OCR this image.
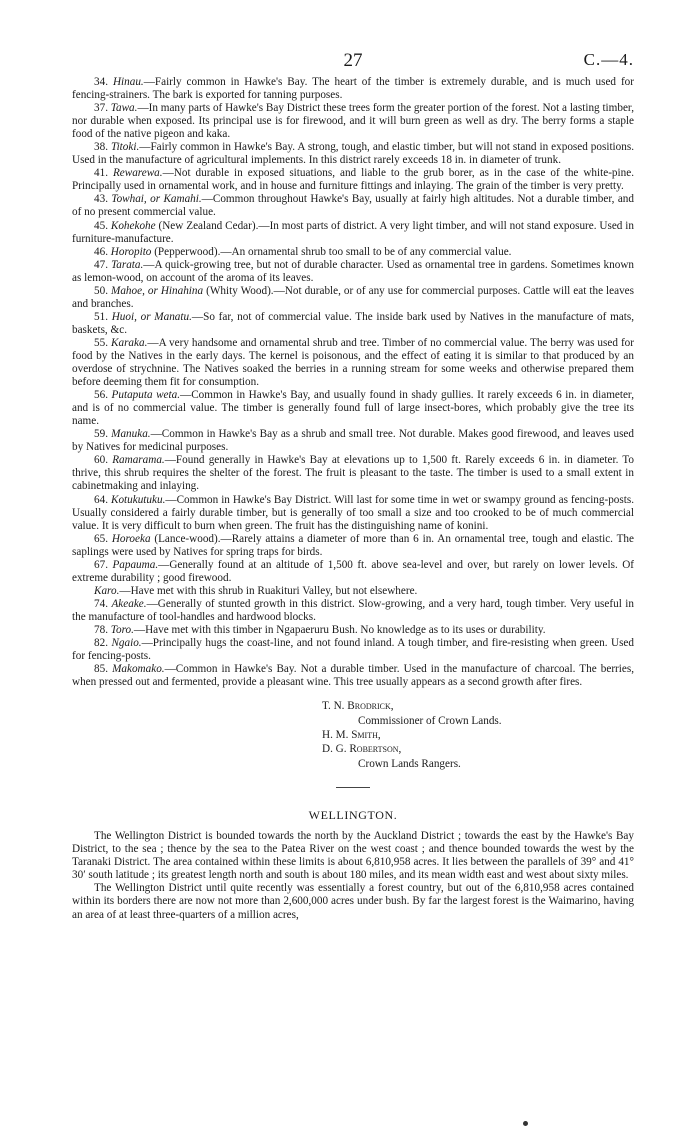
27	C.—4.

34. Hinau.—Fairly common in Hawke's Bay. The heart of the timber is extremely durable, and is much used for fencing-strainers. The bark is exported for tanning purposes.

37. Tawa.—In many parts of Hawke's Bay District these trees form the greater portion of the forest. Not a lasting timber, nor durable when exposed. Its principal use is for firewood, and it will burn green as well as dry. The berry forms a staple food of the native pigeon and kaka.

38. Titoki.—Fairly common in Hawke's Bay. A strong, tough, and elastic timber, but will not stand in exposed positions. Used in the manufacture of agricultural implements. In this district rarely exceeds 18 in. in diameter of trunk.

41. Rewarewa.—Not durable in exposed situations, and liable to the grub borer, as in the case of the white-pine. Principally used in ornamental work, and in house and furniture fittings and inlaying. The grain of the timber is very pretty.

43. Towhai, or Kamahi.—Common throughout Hawke's Bay, usually at fairly high altitudes. Not a durable timber, and of no present commercial value.

45. Kohekohe (New Zealand Cedar).—In most parts of district. A very light timber, and will not stand exposure. Used in furniture-manufacture.

46. Horopito (Pepperwood).—An ornamental shrub too small to be of any commercial value.

47. Tarata.—A quick-growing tree, but not of durable character. Used as ornamental tree in gardens. Sometimes known as lemon-wood, on account of the aroma of its leaves.

50. Mahoe, or Hinahina (Whity Wood).—Not durable, or of any use for commercial purposes. Cattle will eat the leaves and branches.

51. Huoi, or Manatu.—So far, not of commercial value. The inside bark used by Natives in the manufacture of mats, baskets, &c.

55. Karaka.—A very handsome and ornamental shrub and tree. Timber of no commercial value. The berry was used for food by the Natives in the early days. The kernel is poisonous, and the effect of eating it is similar to that produced by an overdose of strychnine. The Natives soaked the berries in a running stream for some weeks and otherwise prepared them before deeming them fit for consumption.

56. Putaputa weta.—Common in Hawke's Bay, and usually found in shady gullies. It rarely exceeds 6 in. in diameter, and is of no commercial value. The timber is generally found full of large insect-bores, which probably give the tree its name.

59. Manuka.—Common in Hawke's Bay as a shrub and small tree. Not durable. Makes good firewood, and leaves used by Natives for medicinal purposes.

60. Ramarama.—Found generally in Hawke's Bay at elevations up to 1,500 ft. Rarely exceeds 6 in. in diameter. To thrive, this shrub requires the shelter of the forest. The fruit is pleasant to the taste. The timber is used to a small extent in cabinetmaking and inlaying.

64. Kotukutuku.—Common in Hawke's Bay District. Will last for some time in wet or swampy ground as fencing-posts. Usually considered a fairly durable timber, but is generally of too small a size and too crooked to be of much commercial value. It is very difficult to burn when green. The fruit has the distinguishing name of konini.

65. Horoeka (Lance-wood).—Rarely attains a diameter of more than 6 in. An ornamental tree, tough and elastic. The saplings were used by Natives for spring traps for birds.

67. Papauma.—Generally found at an altitude of 1,500 ft. above sea-level and over, but rarely on lower levels. Of extreme durability ; good firewood.

Karo.—Have met with this shrub in Ruakituri Valley, but not elsewhere.

74. Akeake.—Generally of stunted growth in this district. Slow-growing, and a very hard, tough timber. Very useful in the manufacture of tool-handles and hardwood blocks.

78. Toro.—Have met with this timber in Ngapaeruru Bush. No knowledge as to its uses or durability.

82. Ngaio.—Principally hugs the coast-line, and not found inland. A tough timber, and fire-resisting when green. Used for fencing-posts.

85. Makomako.—Common in Hawke's Bay. Not a durable timber. Used in the manufacture of charcoal. The berries, when pressed out and fermented, provide a pleasant wine. This tree usually appears as a second growth after fires.

T. N. Brodrick,
Commissioner of Crown Lands.
H. M. Smith,
D. G. Robertson,
Crown Lands Rangers.
WELLINGTON.

The Wellington District is bounded towards the north by the Auckland District ; towards the east by the Hawke's Bay District, to the sea ; thence by the sea to the Patea River on the west coast ; and thence bounded towards the west by the Taranaki District. The area contained within these limits is about 6,810,958 acres. It lies between the parallels of 39° and 41° 30′ south latitude ; its greatest length north and south is about 180 miles, and its mean width east and west about sixty miles.

The Wellington District until quite recently was essentially a forest country, but out of the 6,810,958 acres contained within its borders there are now not more than 2,600,000 acres under bush. By far the largest forest is the Waimarino, having an area of at least three-quarters of a million acres,
